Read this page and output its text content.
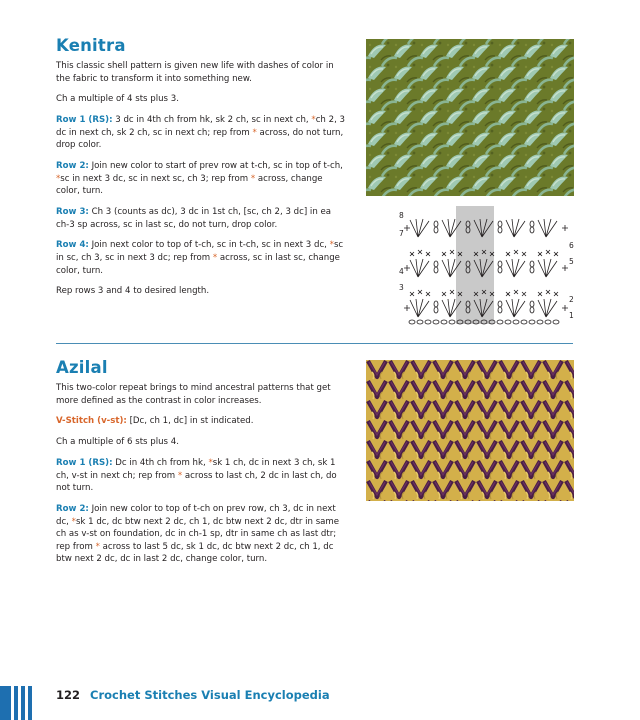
Kenitra

This classic shell pattern is given new life with dashes of color in the fabric to transform it into something new.

Ch a multiple of 4 sts plus 3.

Row 1 (RS): 3 dc in 4th ch from hk, sk 2 ch, sc in next ch, *ch 2, 3 dc in next ch, sk 2 ch, sc in next ch; rep from * across, do not turn, drop color.

Row 2: Join new color to start of prev row at t-ch, sc in top of t-ch, *sc in next 3 dc, sc in next sc, ch 3; rep from * across, change color, turn.

Row 3: Ch 3 (counts as dc), 3 dc in 1st ch, [sc, ch 2, 3 dc] in ea ch-3 sp across, sc in last sc, do not turn, drop color.

Row 4: Join next color to top of t-ch, sc in t-ch, sc in next 3 dc, *sc in sc, ch 3, sc in next 3 dc; rep from * across, sc in last sc, change color, turn.

Rep rows 3 and 4 to desired length.

8
7
4
3
6
5
2
1
Azilal

This two-color repeat brings to mind ancestral patterns that get more defined as the contrast in color increases.

V-Stitch (v-st): [Dc, ch 1, dc] in st indicated.

Ch a multiple of 6 sts plus 4.

Row 1 (RS): Dc in 4th ch from hk, *sk 1 ch, dc in next 3 ch, sk 1 ch, v-st in next ch; rep from * across to last ch, 2 dc in last ch, do not turn.

Row 2: Join new color to top of t-ch on prev row, ch 3, dc in next dc, *sk 1 dc, dc btw next 2 dc, ch 1, dc btw next 2 dc, dtr in same ch as v-st on foundation, dc in ch-1 sp, dtr in same ch as last dtr; rep from * across to last 5 dc, sk 1 dc, dc btw next 2 dc, ch 1, dc btw next 2 dc, dc in last 2 dc, change color, turn.

122 Crochet Stitches Visual Encyclopedia
